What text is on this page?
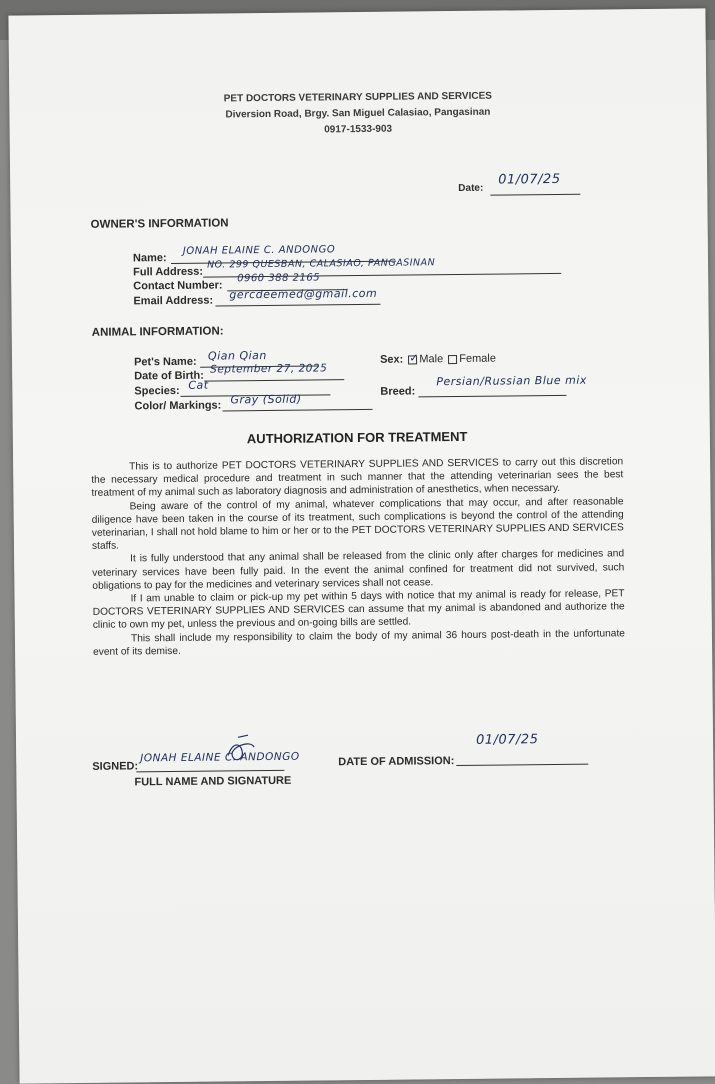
PET DOCTORS VETERINARY SUPPLIES AND SERVICES
Diversion Road, Brgy. San Miguel Calasiao, Pangasinan
0917-1533-903
Date:
01/07/25
OWNER'S INFORMATION
Name:
JONAH ELAINE C. ANDONGO
Full Address:
NO. 299 QUESBAN, CALASIAO, PANGASINAN
Contact Number:
0960 388 2165
Email Address: gercdeemed@gmail.com
ANIMAL INFORMATION:
Pet's Name: Qian Qian
Date of Birth:
September 27, 2025
Species: Cat
Color/ Markings: Gray (Solid)
Sex: ✓ Male Female
Breed:
Persian/Russian Blue mix
AUTHORIZATION FOR TREATMENT

This is to authorize PET DOCTORS VETERINARY SUPPLIES AND SERVICES to carry out this discretion the necessary medical procedure and treatment in such manner that the attending veterinarian sees the best treatment of my animal such as laboratory diagnosis and administration of anesthetics, when necessary.

Being aware of the control of my animal, whatever complications that may occur, and after reasonable diligence have been taken in the course of its treatment, such complications is beyond the control of the attending veterinarian, I shall not hold blame to him or her or to the PET DOCTORS VETERINARY SUPPLIES AND SERVICES staffs.

It is fully understood that any animal shall be released from the clinic only after charges for medicines and veterinary services have been fully paid. In the event the animal confined for treatment did not survived, such obligations to pay for the medicines and veterinary services shall not cease.

If I am unable to claim or pick-up my pet within 5 days with notice that my animal is ready for release, PET DOCTORS VETERINARY SUPPLIES AND SERVICES can assume that my animal is abandoned and authorize the clinic to own my pet, unless the previous and on-going bills are settled.

This shall include my responsibility to claim the body of my animal 36 hours post-death in the unfortunate event of its demise.

SIGNED:
JONAH ELAINE C. ANDONGO
FULL NAME AND SIGNATURE
DATE OF ADMISSION:
01/07/25
